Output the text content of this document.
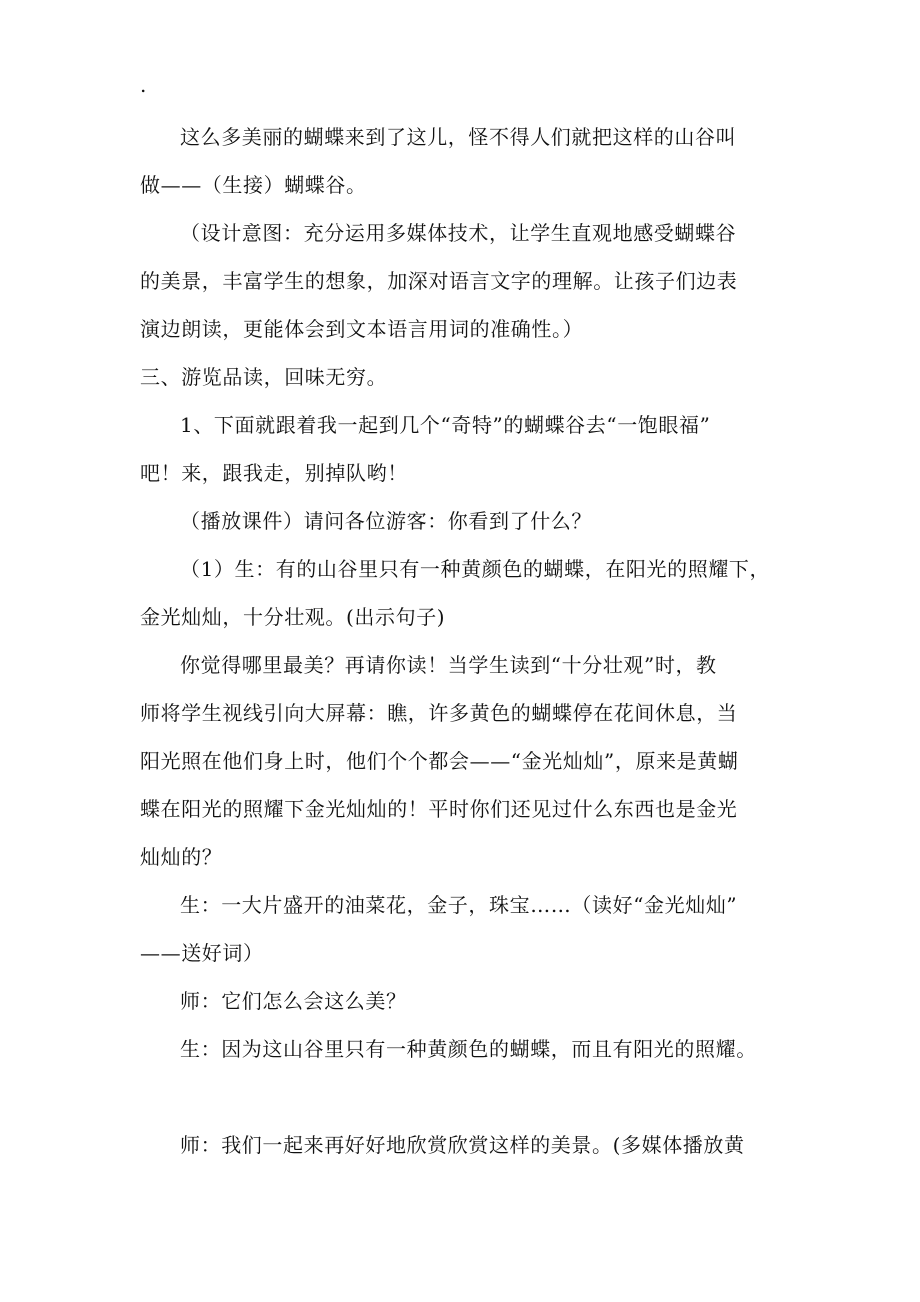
.
这么多美丽的蝴蝶来到了这儿，怪不得人们就把这样的山谷叫
做——（生接）蝴蝶谷。
（设计意图：充分运用多媒体技术，让学生直观地感受蝴蝶谷
的美景，丰富学生的想象，加深对语言文字的理解。让孩子们边表
演边朗读，更能体会到文本语言用词的准确性。）
三、游览品读，回味无穷。
1、下面就跟着我一起到几个“奇特”的蝴蝶谷去“一饱眼福”
吧！来，跟我走，别掉队哟！
（播放课件）请问各位游客：你看到了什么？
（1）生：有的山谷里只有一种黄颜色的蝴蝶，在阳光的照耀下，
金光灿灿，十分壮观。(出示句子)
你觉得哪里最美？再请你读！当学生读到“十分壮观”时，教
师将学生视线引向大屏幕：瞧，许多黄色的蝴蝶停在花间休息，当
阳光照在他们身上时，他们个个都会——“金光灿灿”，原来是黄蝴
蝶在阳光的照耀下金光灿灿的！平时你们还见过什么东西也是金光
灿灿的？
生：一大片盛开的油菜花，金子，珠宝……（读好“金光灿灿”
——送好词）
师：它们怎么会这么美？
生：因为这山谷里只有一种黄颜色的蝴蝶，而且有阳光的照耀。
师：我们一起来再好好地欣赏欣赏这样的美景。(多媒体播放黄
